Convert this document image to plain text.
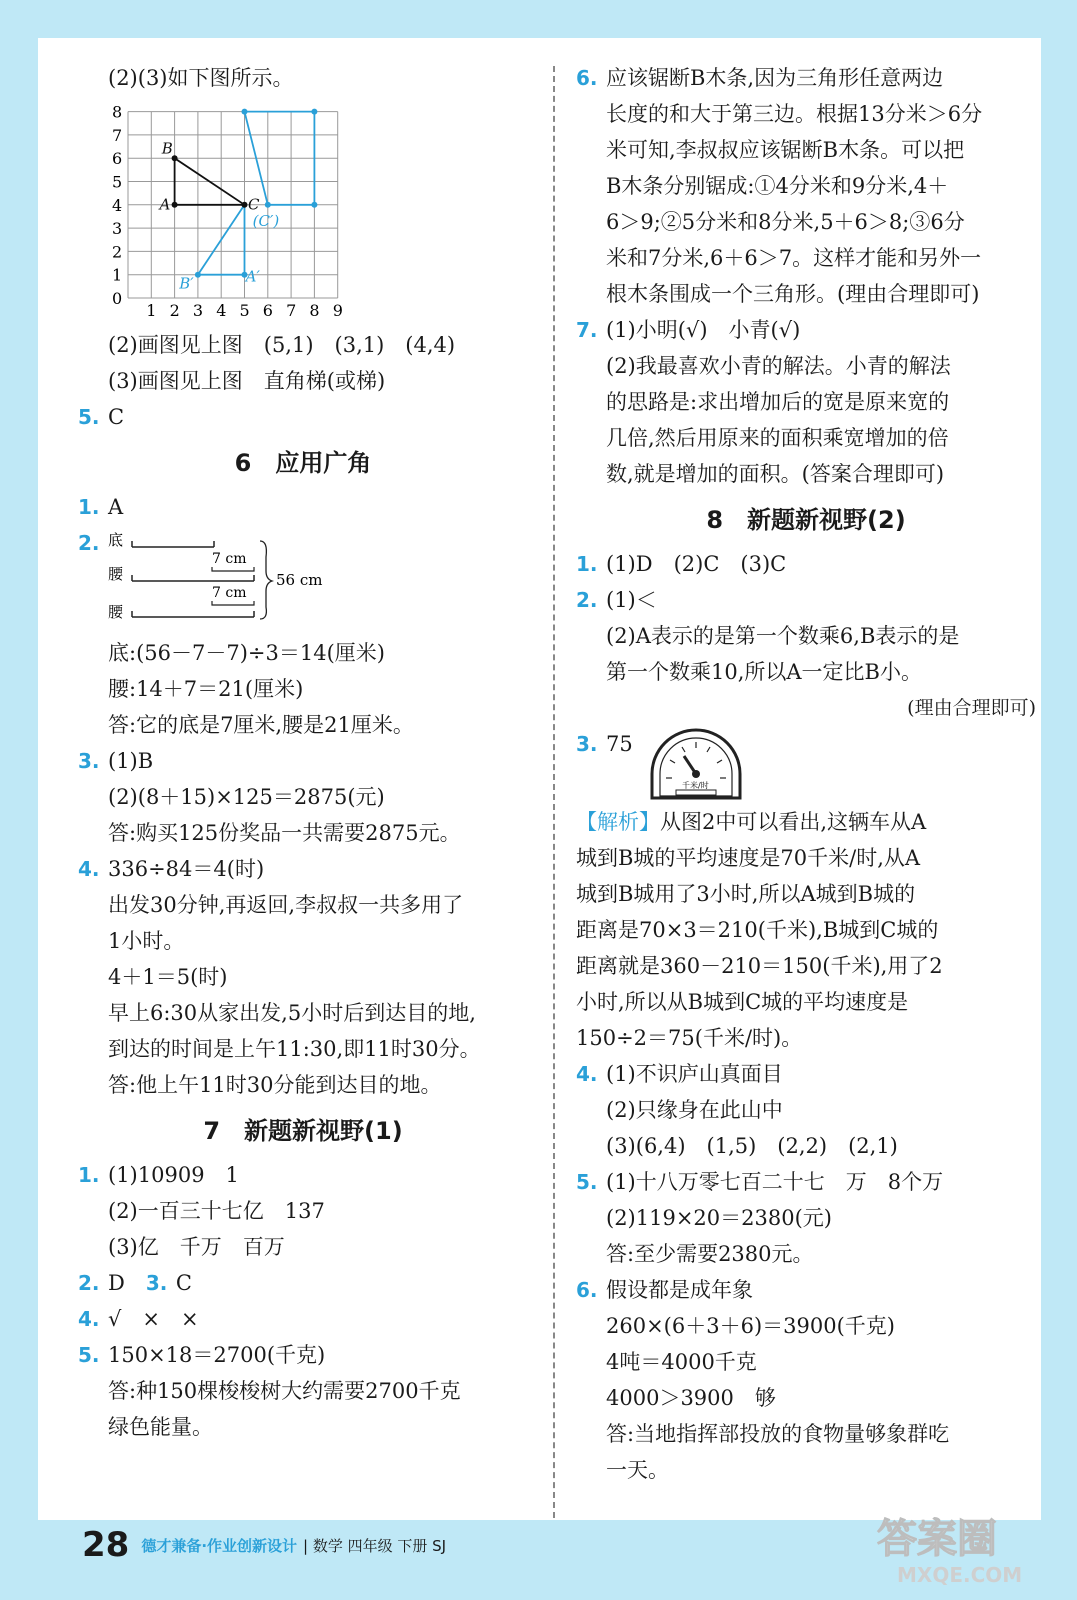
(2)(3)如下图所示。
0
1
2
3
4
5
6
7
8
1 2 3 4 5 6 7 8 9
B
A	C
(C′)
B′	A′
(2)画图见上图　(5,1)　(3,1)　(4,4)
(3)画图见上图　直角梯(或梯)
5. C
6　应用广角
1. A
2. 底
7 cm
腰
7 cm
腰
56 cm
底:(56－7－7)÷3＝14(厘米)
腰:14＋7＝21(厘米)
答:它的底是7厘米,腰是21厘米。
3. (1)B
(2)(8＋15)×125＝2875(元)
答:购买125份奖品一共需要2875元。
4. 336÷84＝4(时)
出发30分钟,再返回,李叔叔一共多用了
1小时。
4＋1＝5(时)
早上6:30从家出发,5小时后到达目的地,
到达的时间是上午11:30,即11时30分。
答:他上午11时30分能到达目的地。
7　新题新视野(1)
1. (1)10909　1
(2)一百三十七亿　137
(3)亿　千万　百万
2. D　 3. C
4. √　×　×
5. 150×18＝2700(千克)
答:种150棵梭梭树大约需要2700千克
绿色能量。
6. 应该锯断B木条,因为三角形任意两边
长度的和大于第三边。根据13分米＞6分
米可知,李叔叔应该锯断B木条。可以把
B木条分别锯成:①4分米和9分米,4＋
6＞9;②5分米和8分米,5＋6＞8;③6分
米和7分米,6＋6＞7。这样才能和另外一
根木条围成一个三角形。(理由合理即可)
7. (1)小明(√)　小青(√)
(2)我最喜欢小青的解法。小青的解法
的思路是:求出增加后的宽是原来宽的
几倍,然后用原来的面积乘宽增加的倍
数,就是增加的面积。(答案合理即可)
8　新题新视野(2)
1. (1)D　(2)C　(3)C
2. (1)＜
(2)A表示的是第一个数乘6,B表示的是
第一个数乘10,所以A一定比B小。
(理由合理即可)
3. 75
千米/时
【解析】从图2中可以看出,这辆车从A
城到B城的平均速度是70千米/时,从A
城到B城用了3小时,所以A城到B城的
距离是70×3＝210(千米),B城到C城的
距离就是360－210＝150(千米),用了2
小时,所以从B城到C城的平均速度是
150÷2＝75(千米/时)。
4. (1)不识庐山真面目
(2)只缘身在此山中
(3)(6,4)　(1,5)　(2,2)　(2,1)
5. (1)十八万零七百二十七　万　8个万
(2)119×20＝2380(元)
答:至少需要2380元。
6. 假设都是成年象
260×(6＋3＋6)＝3900(千克)
4吨＝4000千克
4000＞3900　够
答:当地指挥部投放的食物量够象群吃
一天。
28 德才兼备·作业创新设计 | 数学 四年级 下册 SJ	答案圈
MXQE.COM
